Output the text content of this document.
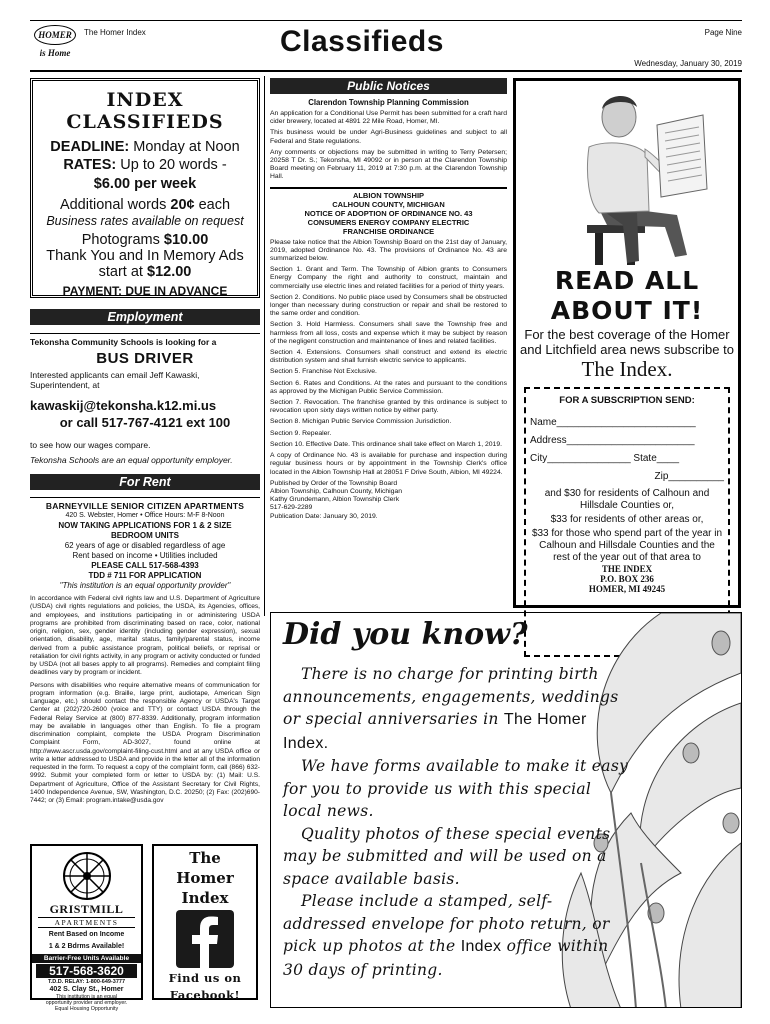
HOMER is Home
The Homer Index	Classifieds	Page Nine
Wednesday, January 30, 2019
INDEX
CLASSIFIEDS
DEADLINE: Monday at Noon
RATES: Up to 20 words -
$6.00 per week
Additional words 20¢ each
Business rates available on request
Photograms $10.00
Thank You and In Memory Ads
start at $12.00
PAYMENT: DUE IN ADVANCE
Employment
Tekonsha Community Schools is looking for a
BUS DRIVER
Interested applicants can email Jeff Kawaski, Superintendent, at
kawaskij@tekonsha.k12.mi.us
or call 517-767-4121 ext 100
to see how our wages compare.
Tekonsha Schools are an equal opportunity employer.
For Rent
BARNEYVILLE SENIOR CITIZEN APARTMENTS
420 S. Webster, Homer • Office Hours: M-F 8-Noon
NOW TAKING APPLICATIONS FOR 1 & 2 SIZE
BEDROOM UNITS
62 years of age or disabled regardless of age
Rent based on income • Utilities included
PLEASE CALL 517-568-4393
TDD # 711 FOR APPLICATION
"This institution is an equal opportunity provider"
In accordance with Federal civil rights law and U.S. Department of Agriculture (USDA) civil rights regulations and policies, the USDA, its Agencies, offices, and employees, and institutions participating in or administering USDA programs are prohibited from discriminating based on race, color, national origin, religion, sex, gender identity (including gender expression), sexual orientation, disability, age, marital status, family/parental status, income derived from a public assistance program, political beliefs, or reprisal or retaliation for civil rights activity, in any program or activity conducted or funded by USDA (not all bases apply to all programs). Remedies and complaint filing deadlines vary by program or incident.
Persons with disabilities who require alternative means of communication for program information (e.g. Braille, large print, audiotape, American Sign Language, etc.) should contact the responsible Agency or USDA's Target Center at (202)720-2600 (voice and TTY) or contact USDA through the Federal Relay Service at (800) 877-8339. Additionally, program information may be available in languages other than English. To file a program discrimination complaint, complete the USDA Program Discrimination Complaint Form, AD-3027, found online at http://www.ascr.usda.gov/complaint-filing-cust.html and at any USDA office or write a letter addressed to USDA and provide in the letter all of the information requested in the form. To request a copy of the complaint form, call (866) 632-9992. Submit your completed form or letter to USDA by: (1) Mail: U.S. Department of Agriculture, Office of the Assistant Secretary for Civil Rights, 1400 Independence Avenue, SW, Washington, D.C. 20250; (2) Fax: (202)690-7442; or (3) Email: program.intake@usda.gov
GRISTMILL
APARTMENTS
Rent Based on Income
1 & 2 Bdrms Available!
Barrier-Free Units Available
517-568-3620
T.D.D. RELAY: 1-800-649-3777
402 S. Clay St., Homer
This institution is an equal
opportunity provider and employer.
Equal Housing Opportunity
The
Homer
Index
Find us on
Facebook!
Public Notices
Clarendon Township Planning Commission
An application for a Conditional Use Permit has been submitted for a craft hard cider brewery, located at 4891 22 Mile Road, Homer, MI.
This business would be under Agri-Business guidelines and subject to all Federal and State regulations.
Any comments or objections may be submitted in writing to Terry Petersen; 20258 T Dr. S.; Tekonsha, MI 49092 or in person at the Clarendon Township Board meeting on February 11, 2019 at 7:30 p.m. at the Clarendon Township Hall.
ALBION TOWNSHIP
CALHOUN COUNTY, MICHIGAN
NOTICE OF ADOPTION OF ORDINANCE NO. 43
CONSUMERS ENERGY COMPANY ELECTRIC
FRANCHISE ORDINANCE
Please take notice that the Albion Township Board on the 21st day of January, 2019, adopted Ordinance No. 43. The provisions of Ordinance No. 43 are summarized below.
Section 1. Grant and Term. The Township of Albion grants to Consumers Energy Company the right and authority to construct, maintain and commercially use electric lines and related facilities for a period of thirty years.
Section 2. Conditions. No public place used by Consumers shall be obstructed longer than necessary during construction or repair and shall be restored to the same order and condition.
Section 3. Hold Harmless. Consumers shall save the Township free and harmless from all loss, costs and expense which it may be subject by reason of the negligent construction and maintenance of lines and related facilities.
Section 4. Extensions. Consumers shall construct and extend its electric distribution system and shall furnish electric service to applicants.
Section 5. Franchise Not Exclusive.
Section 6. Rates and Conditions. At the rates and pursuant to the conditions as approved by the Michigan Public Service Commission.
Section 7. Revocation. The franchise granted by this ordinance is subject to revocation upon sixty days written notice by either party.
Section 8. Michigan Public Service Commission Jurisdiction.
Section 9. Repealer.
Section 10. Effective Date. This ordinance shall take effect on March 1, 2019.
A copy of Ordinance No. 43 is available for purchase and inspection during regular business hours or by appointment in the Township Clerk's office located in the Albion Township Hall at 28051 F Drive South, Albion, MI 49224.
Published by Order of the Township Board
Albion Township, Calhoun County, Michigan
Kathy Grundemann, Albion Township Clerk
517-629-2289
Publication Date: January 30, 2019.
READ ALL
ABOUT IT!
For the best coverage of the Homer and Litchfield area news subscribe to
The Index.
FOR A SUBSCRIPTION SEND:
Name_________________________
Address_______________________
City_______________ State____
Zip__________
and $30 for residents of Calhoun and Hillsdale Counties or,
$33 for residents of other areas or,
$33 for those who spend part of the year in Calhoun and Hillsdale Counties and the rest of the year out of that area to
THE INDEX
P.O. BOX 236
HOMER, MI 49245
Did you know?

There is no charge for printing birth announcements, engagements, weddings or special anniversaries in The Homer Index.

We have forms available to make it easy for you to provide us with this special local news.

Quality photos of these special events may be submitted and will be used on a space available basis.

Please include a stamped, self-addressed envelope for photo return, or pick up photos at the Index office within 30 days of printing.
